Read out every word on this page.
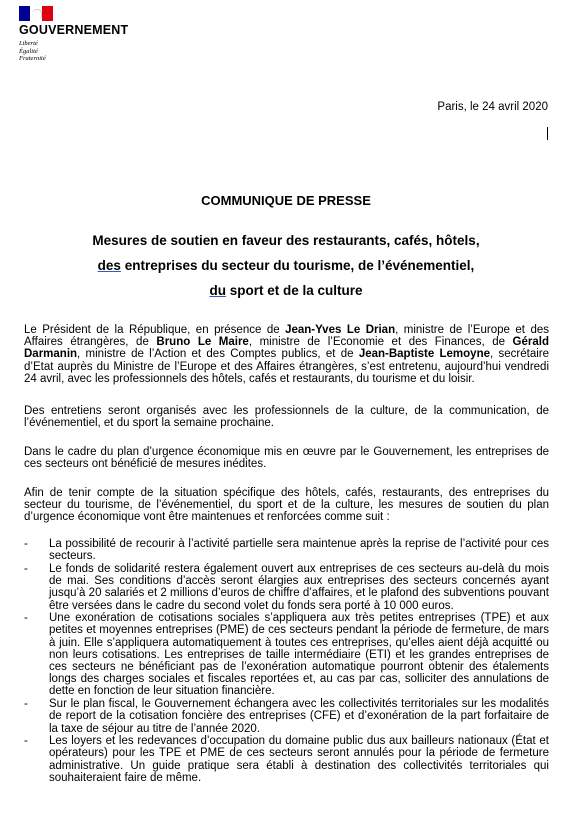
GOUVERNEMENT
Liberté
Égalité
Fraternité
Paris, le 24 avril 2020
COMMUNIQUE DE PRESSE
Mesures de soutien en faveur des restaurants, cafés, hôtels,
des entreprises du secteur du tourisme, de l’événementiel,
du sport et de la culture
Le Président de la République, en présence de Jean-Yves Le Drian, ministre de l’Europe et des Affaires étrangères, de Bruno Le Maire, ministre de l’Economie et des Finances, de Gérald Darmanin, ministre de l’Action et des Comptes publics, et de Jean-Baptiste Lemoyne, secrétaire d’Etat auprès du Ministre de l’Europe et des Affaires étrangères, s’est entretenu, aujourd’hui vendredi 24 avril, avec les professionnels des hôtels, cafés et restaurants, du tourisme et du loisir.
Des entretiens seront organisés avec les professionnels de la culture, de la communication, de l’événementiel, et du sport la semaine prochaine.
Dans le cadre du plan d’urgence économique mis en œuvre par le Gouvernement, les entreprises de ces secteurs ont bénéficié de mesures inédites.
Afin de tenir compte de la situation spécifique des hôtels, cafés, restaurants, des entreprises du secteur du tourisme, de l’événementiel, du sport et de la culture, les mesures de soutien du plan d’urgence économique vont être maintenues et renforcées comme suit :
- La possibilité de recourir à l’activité partielle sera maintenue après la reprise de l’activité pour ces secteurs.
- Le fonds de solidarité restera également ouvert aux entreprises de ces secteurs au-delà du mois de mai. Ses conditions d’accès seront élargies aux entreprises des secteurs concernés ayant jusqu’à 20 salariés et 2 millions d’euros de chiffre d’affaires, et le plafond des subventions pouvant être versées dans le cadre du second volet du fonds sera porté à 10 000 euros.
- Une exonération de cotisations sociales s’appliquera aux très petites entreprises (TPE) et aux petites et moyennes entreprises (PME) de ces secteurs pendant la période de fermeture, de mars à juin. Elle s’appliquera automatiquement à toutes ces entreprises, qu’elles aient déjà acquitté ou non leurs cotisations. Les entreprises de taille intermédiaire (ETI) et les grandes entreprises de ces secteurs ne bénéficiant pas de l’exonération automatique pourront obtenir des étalements longs des charges sociales et fiscales reportées et, au cas par cas, solliciter des annulations de dette en fonction de leur situation financière.
- Sur le plan fiscal, le Gouvernement échangera avec les collectivités territoriales sur les modalités de report de la cotisation foncière des entreprises (CFE) et d’exonération de la part forfaitaire de la taxe de séjour au titre de l’année 2020.
- Les loyers et les redevances d’occupation du domaine public dus aux bailleurs nationaux (État et opérateurs) pour les TPE et PME de ces secteurs seront annulés pour la période de fermeture administrative. Un guide pratique sera établi à destination des collectivités territoriales qui souhaiteraient faire de même.
